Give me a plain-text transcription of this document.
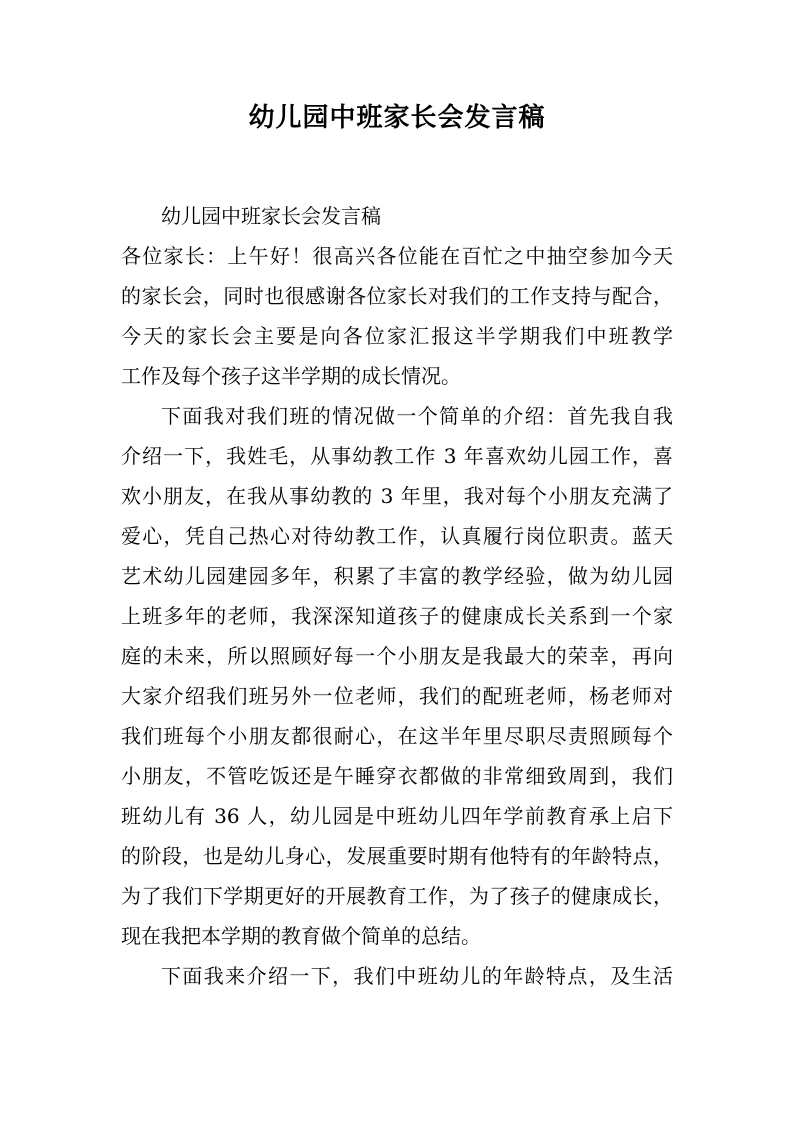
幼儿园中班家长会发言稿
幼儿园中班家长会发言稿
各位家长：上午好！很高兴各位能在百忙之中抽空参加今天
的家长会，同时也很感谢各位家长对我们的工作支持与配合，
今天的家长会主要是向各位家汇报这半学期我们中班教学
工作及每个孩子这半学期的成长情况。
下面我对我们班的情况做一个简单的介绍：首先我自我
介绍一下，我姓毛，从事幼教工作 3 年喜欢幼儿园工作，喜
欢小朋友，在我从事幼教的 3 年里，我对每个小朋友充满了
爱心，凭自己热心对待幼教工作，认真履行岗位职责。蓝天
艺术幼儿园建园多年，积累了丰富的教学经验，做为幼儿园
上班多年的老师，我深深知道孩子的健康成长关系到一个家
庭的未来，所以照顾好每一个小朋友是我最大的荣幸，再向
大家介绍我们班另外一位老师，我们的配班老师，杨老师对
我们班每个小朋友都很耐心，在这半年里尽职尽责照顾每个
小朋友，不管吃饭还是午睡穿衣都做的非常细致周到，我们
班幼儿有 36 人，幼儿园是中班幼儿四年学前教育承上启下
的阶段，也是幼儿身心，发展重要时期有他特有的年龄特点，
为了我们下学期更好的开展教育工作，为了孩子的健康成长，
现在我把本学期的教育做个简单的总结。
下面我来介绍一下，我们中班幼儿的年龄特点，及生活
